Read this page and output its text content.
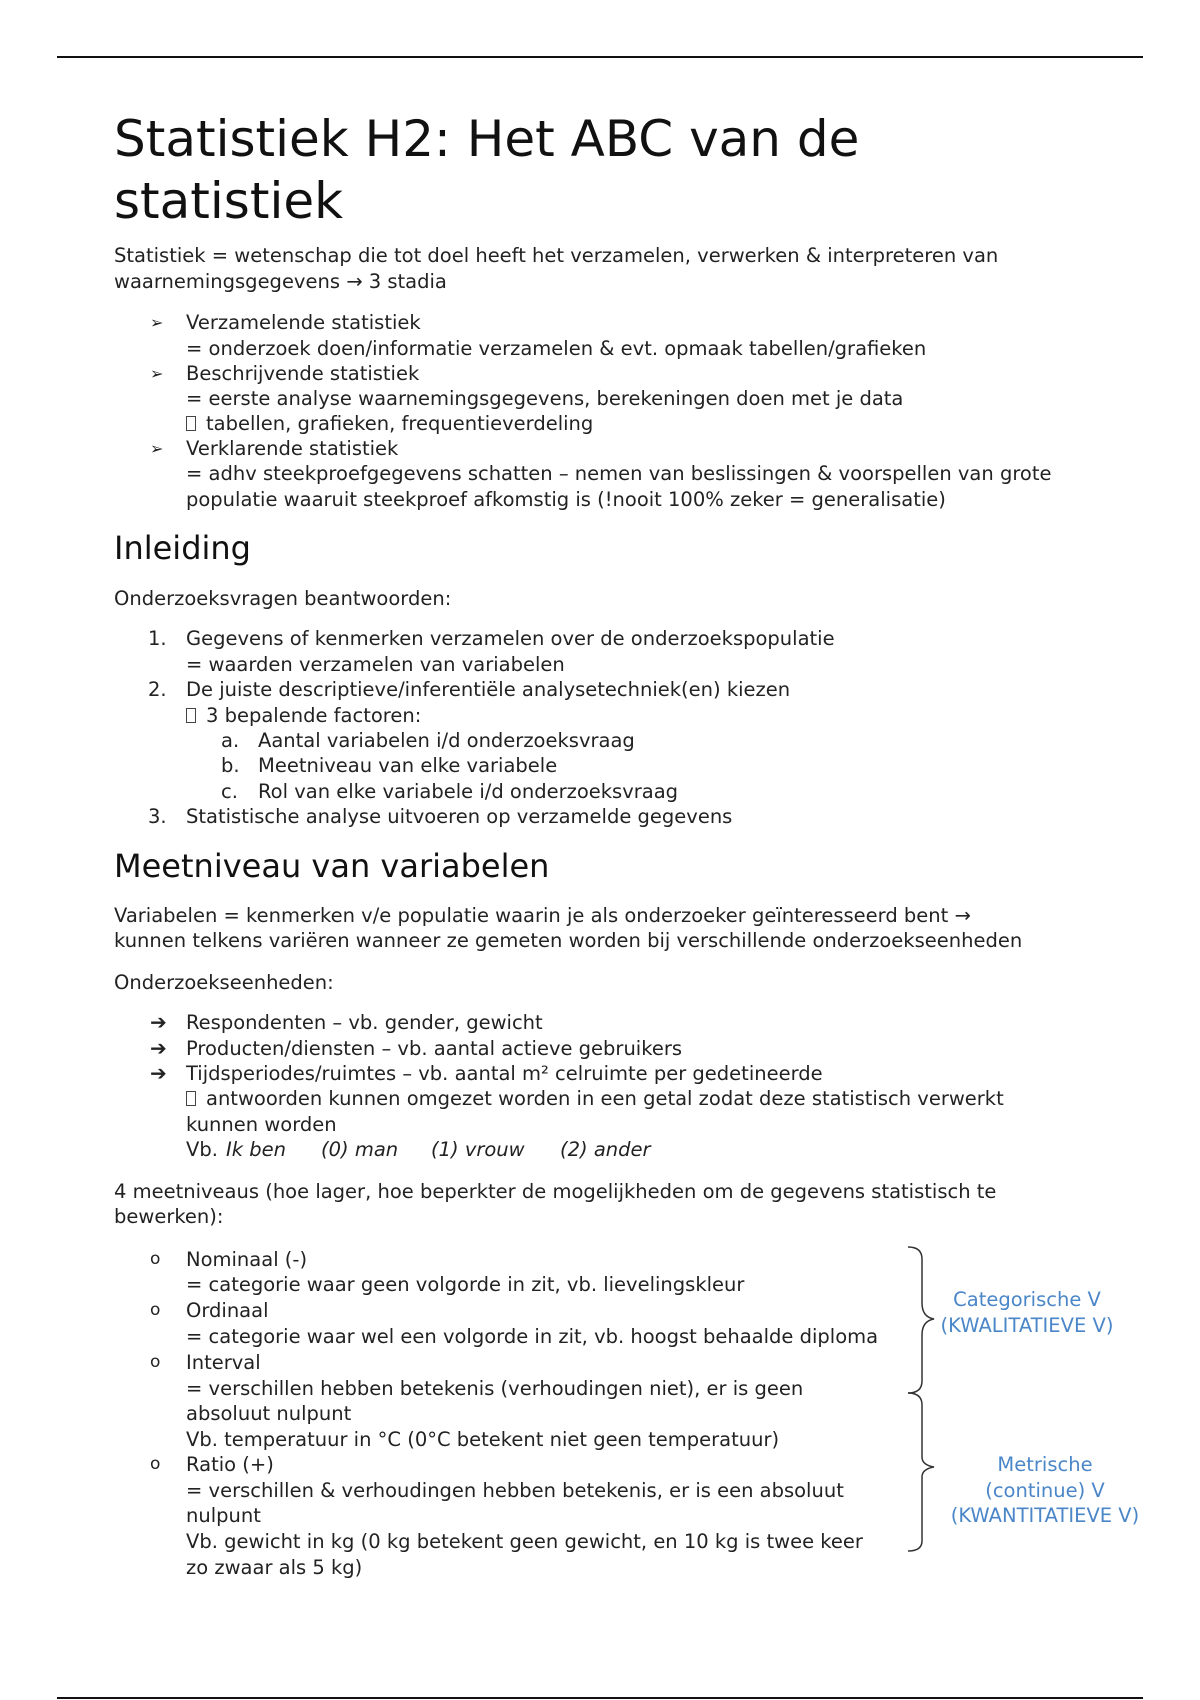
Statistiek H2: Het ABC van de statistiek

Statistiek = wetenschap die tot doel heeft het verzamelen, verwerken & interpreteren van

waarnemingsgegevens → 3 stadia

➢ Verzamelende statistiek
= onderzoek doen/informatie verzamelen & evt. opmaak tabellen/grafieken
➢ Beschrijvende statistiek
= eerste analyse waarnemingsgegevens, berekeningen doen met je data
tabellen, grafieken, frequentieverdeling
➢ Verklarende statistiek
= adhv steekproefgegevens schatten – nemen van beslissingen & voorspellen van grote
populatie waaruit steekproef afkomstig is (!nooit 100% zeker = generalisatie)
Inleiding

Onderzoeksvragen beantwoorden:

1. Gegevens of kenmerken verzamelen over de onderzoekspopulatie
= waarden verzamelen van variabelen
2. De juiste descriptieve/inferentiële analysetechniek(en) kiezen
3 bepalende factoren:
a. Aantal variabelen i/d onderzoeksvraag
b. Meetniveau van elke variabele
c.	Rol van elke variabele i/d onderzoeksvraag
3. Statistische analyse uitvoeren op verzamelde gegevens
Meetniveau van variabelen

Variabelen = kenmerken v/e populatie waarin je als onderzoeker geïnteresseerd bent →

kunnen telkens variëren wanneer ze gemeten worden bij verschillende onderzoekseenheden

Onderzoekseenheden:

➔ Respondenten – vb. gender, gewicht
➔ Producten/diensten – vb. aantal actieve gebruikers
➔ Tijdsperiodes/ruimtes – vb. aantal m² celruimte per gedetineerde
antwoorden kunnen omgezet worden in een getal zodat deze statistisch verwerkt
kunnen worden
Vb. Ik ben (0) man (1) vrouw (2) ander

4 meetniveaus (hoe lager, hoe beperkter de mogelijkheden om de gegevens statistisch te

bewerken):

o Nominaal (-)
= categorie waar geen volgorde in zit, vb. lievelingskleur
o Ordinaal
= categorie waar wel een volgorde in zit, vb. hoogst behaalde diploma
o Interval
= verschillen hebben betekenis (verhoudingen niet), er is geen
absoluut nulpunt
Vb. temperatuur in °C (0°C betekent niet geen temperatuur)
o Ratio (+)
= verschillen & verhoudingen hebben betekenis, er is een absoluut
nulpunt
Vb. gewicht in kg (0 kg betekent geen gewicht, en 10 kg is twee keer
zo zwaar als 5 kg)
Categorische V
(KWALITATIEVE V)
Metrische
(continue) V
(KWANTITATIEVE V)
